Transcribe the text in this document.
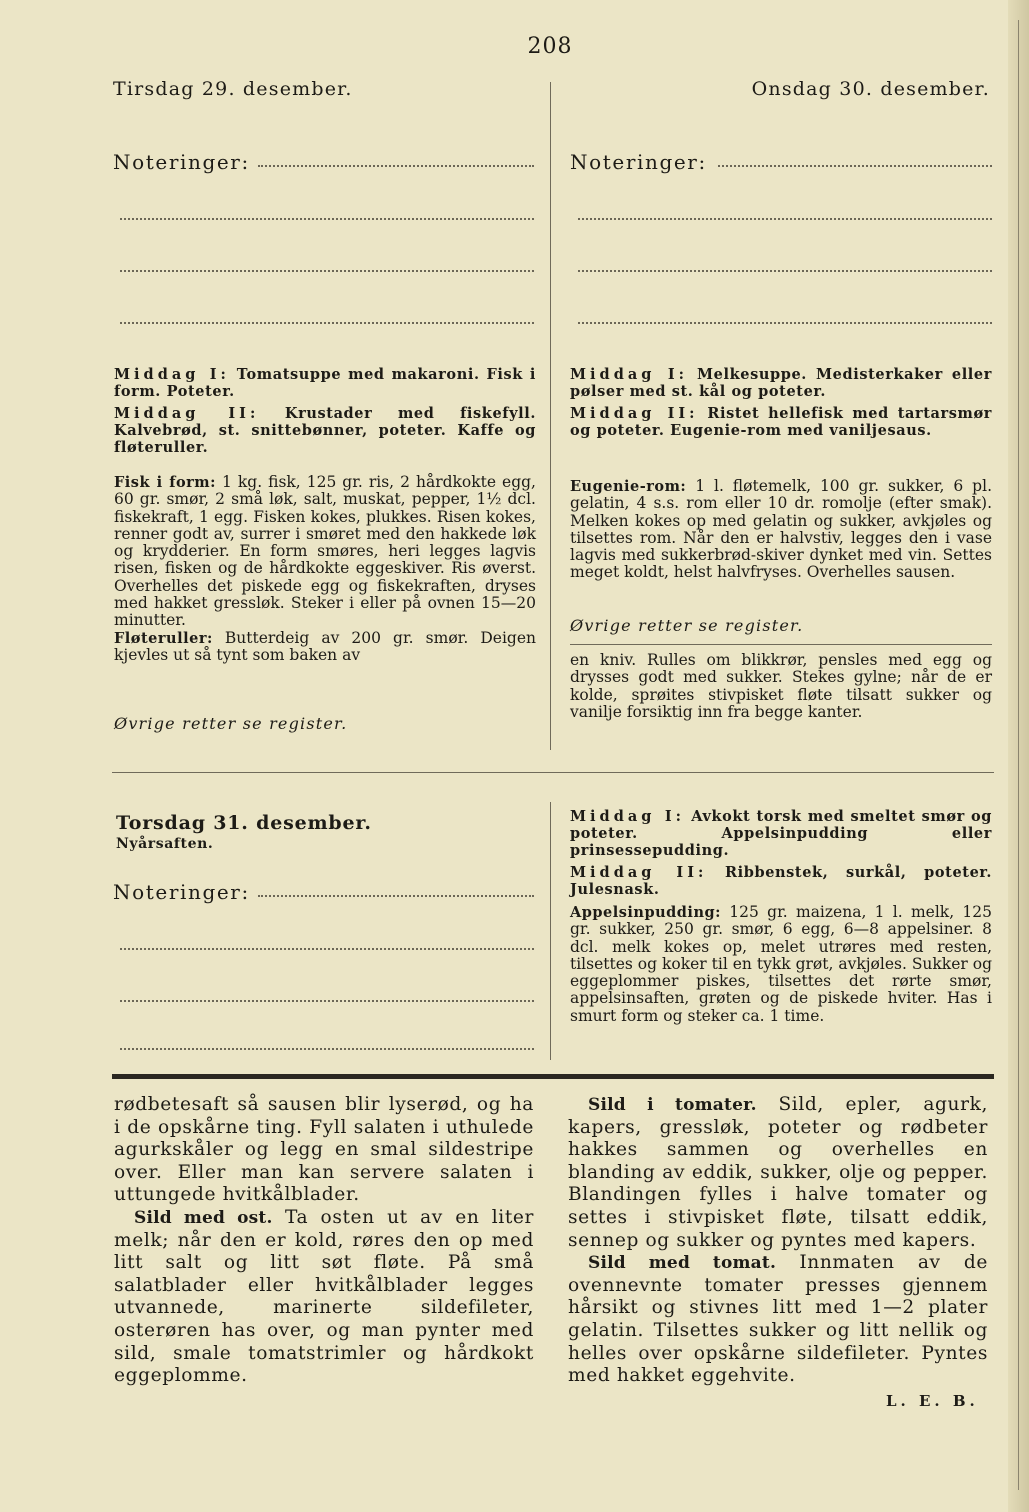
208
Tirsdag 29. desember.
Noteringer:
Middag I: Tomatsuppe med makaroni. Fisk i form. Poteter.
Middag II: Krustader med fiskefyll. Kalvebrød, st. snittebønner, poteter. Kaffe og fløteruller.

Fisk i form: 1 kg. fisk, 125 gr. ris, 2 hårdkokte egg, 60 gr. smør, 2 små løk, salt, muskat, pepper, 1½ dcl. fiskekraft, 1 egg. Fisken kokes, plukkes. Risen kokes, renner godt av, surrer i smøret med den hakkede løk og krydderier. En form smøres, heri legges lagvis risen, fisken og de hårdkokte eggeskiver. Ris øverst. Overhelles det piskede egg og fiskekraften, dryses med hakket gressløk. Steker i eller på ovnen 15—20 minutter.

Fløteruller: Butterdeig av 200 gr. smør. Deigen kjevles ut så tynt som baken av

Øvrige retter se register.
Onsdag 30. desember.
Noteringer:
Middag I: Melkesuppe. Medisterkaker eller pølser med st. kål og poteter.
Middag II: Ristet hellefisk med tartarsmør og poteter. Eugenie-rom med vaniljesaus.

Eugenie-rom: 1 l. fløtemelk, 100 gr. sukker, 6 pl. gelatin, 4 s.s. rom eller 10 dr. romolje (efter smak). Melken kokes op med gelatin og sukker, avkjøles og tilsettes rom. Når den er halvstiv, legges den i vase lagvis med sukkerbrød-skiver dynket med vin. Settes meget koldt, helst halvfryses. Overhelles sausen.

Øvrige retter se register.

en kniv. Rulles om blikkrør, pensles med egg og drysses godt med sukker. Stekes gylne; når de er kolde, sprøites stivpisket fløte tilsatt sukker og vanilje forsiktig inn fra begge kanter.

Torsdag 31. desember.
Nyårsaften.
Noteringer:
Middag I: Avkokt torsk med smeltet smør og poteter. Appelsinpudding eller prinsessepudding.
Middag II: Ribbenstek, surkål, poteter. Julesnask.

Appelsinpudding: 125 gr. maizena, 1 l. melk, 125 gr. sukker, 250 gr. smør, 6 egg, 6—8 appelsiner. 8 dcl. melk kokes op, melet utrøres med resten, tilsettes og koker til en tykk grøt, avkjøles. Sukker og eggeplommer piskes, tilsettes det rørte smør, appelsinsaften, grøten og de piskede hviter. Has i smurt form og steker ca. 1 time.

rødbetesaft så sausen blir lyserød, og ha i de opskårne ting. Fyll salaten i uthulede agurkskåler og legg en smal sildestripe over. Eller man kan servere salaten i uttungede hvitkålblader.

Sild med ost. Ta osten ut av en liter melk; når den er kold, røres den op med litt salt og litt søt fløte. På små salatblader eller hvitkålblader legges utvannede, marinerte sildefileter, osterøren has over, og man pynter med sild, smale tomatstrimler og hårdkokt eggeplomme.

Sild i tomater. Sild, epler, agurk, kapers, gressløk, poteter og rødbeter hakkes sammen og overhelles en blanding av eddik, sukker, olje og pepper. Blandingen fylles i halve tomater og settes i stivpisket fløte, tilsatt eddik, sennep og sukker og pyntes med kapers.

Sild med tomat. Innmaten av de ovennevnte tomater presses gjennem hårsikt og stivnes litt med 1—2 plater gelatin. Tilsettes sukker og litt nellik og helles over opskårne sildefileter. Pyntes med hakket eggehvite.

L. E. B.
